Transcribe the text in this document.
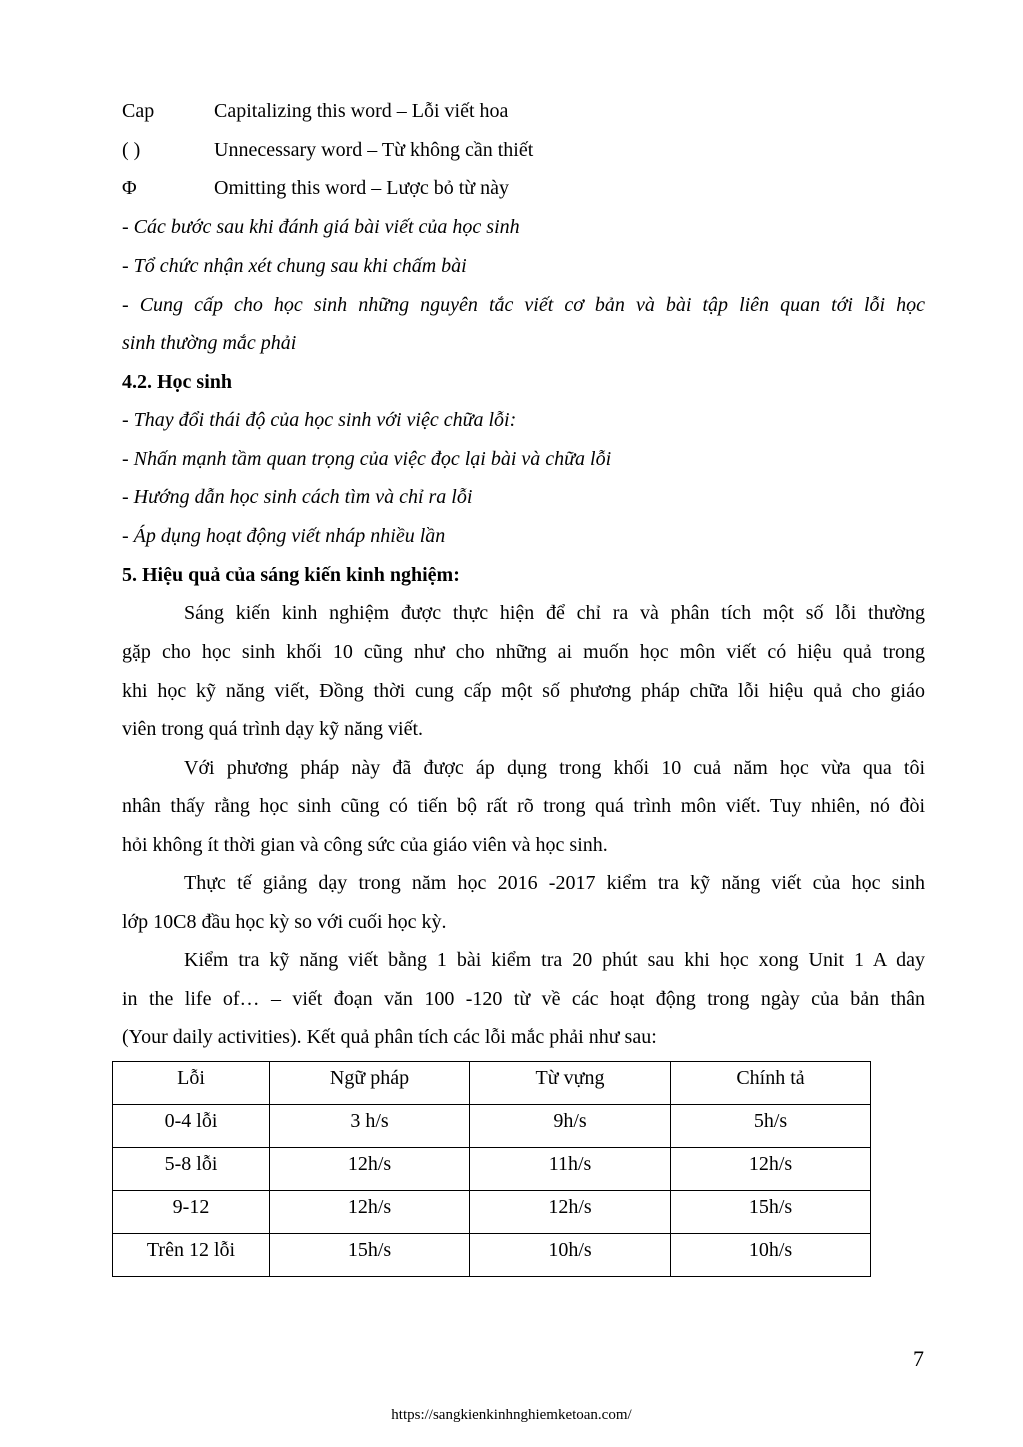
Cap	Capitalizing this word – Lỗi viết hoa
( )	Unnecessary word – Từ không cần thiết
Φ	Omitting this word – Lược bỏ từ này
- Các bước sau khi đánh giá bài viết của học sinh
- Tổ chức nhận xét chung sau khi chấm bài
- Cung cấp cho học sinh những nguyên tắc viết cơ bản và bài tập liên quan tới lỗi học
sinh thường mắc phải
4.2. Học sinh
- Thay đổi thái độ của học sinh với việc chữa lỗi:
- Nhấn mạnh tầm quan trọng của việc đọc lại bài và chữa lỗi
- Hướng dẫn học sinh cách tìm và chỉ ra lỗi
- Áp dụng hoạt động viết nháp nhiều lần
5. Hiệu quả của sáng kiến kinh nghiệm:
Sáng kiến kinh nghiệm được thực hiện để chỉ ra và phân tích một số lỗi thường
gặp cho học sinh khối 10 cũng như cho những ai muốn học môn viết có hiệu quả trong
khi học kỹ năng viết, Đồng thời cung cấp một số phương pháp chữa lỗi hiệu quả cho giáo
viên trong quá trình dạy kỹ năng viết.
Với phương pháp này đã được áp dụng trong khối 10 cuả năm học vừa qua tôi
nhân thấy rằng học sinh cũng có tiến bộ rất rõ trong quá trình môn viết. Tuy nhiên, nó đòi
hỏi không ít thời gian và công sức của giáo viên và học sinh.
Thực tế giảng dạy trong năm học 2016 -2017 kiểm tra kỹ năng viết của học sinh
lớp 10C8 đầu học kỳ so với cuối học kỳ.
Kiểm tra kỹ năng viết bằng 1 bài kiểm tra 20 phút sau khi học xong Unit 1 A day
in the life of… – viết đoạn văn 100 -120 từ về các hoạt động trong ngày của bản thân
(Your daily activities). Kết quả phân tích các lỗi mắc phải như sau:
Lỗi	Ngữ pháp	Từ vựng	Chính tả
0-4 lỗi	3 h/s	9h/s	5h/s
5-8 lỗi	12h/s	11h/s	12h/s
9-12	12h/s	12h/s	15h/s
Trên 12 lỗi	15h/s	10h/s	10h/s
7
https://sangkienkinhnghiemketoan.com/
